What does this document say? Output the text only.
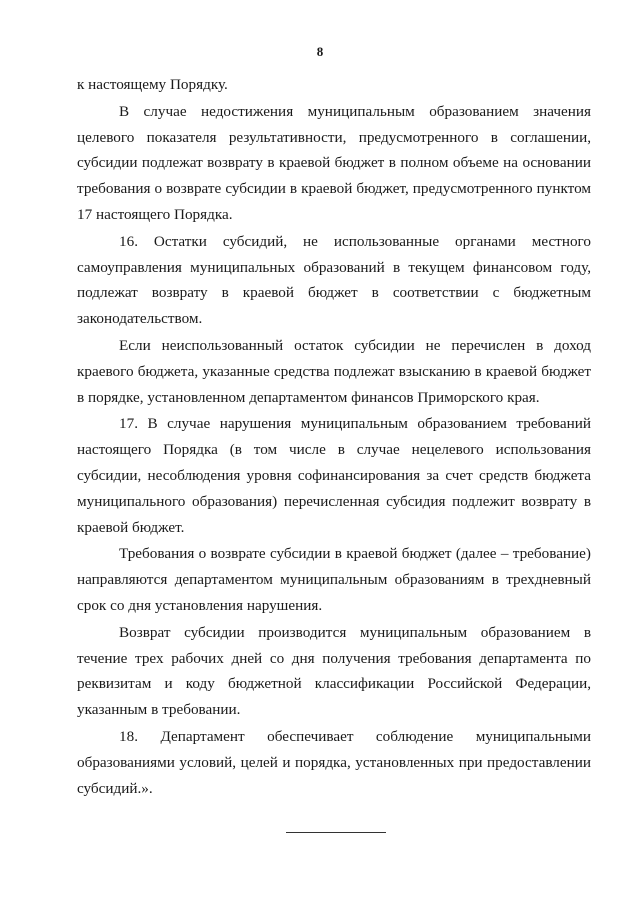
8

к настоящему Порядку.

В случае недостижения муниципальным образованием значения целевого показателя результативности, предусмотренного в соглашении, субсидии подлежат возврату в краевой бюджет в полном объеме на основании требования о возврате субсидии в краевой бюджет, предусмотренного пунктом 17 настоящего Порядка.

16. Остатки субсидий, не использованные органами местного самоуправления муниципальных образований в текущем финансовом году, подлежат возврату в краевой бюджет в соответствии с бюджетным законодательством.

Если неиспользованный остаток субсидии не перечислен в доход краевого бюджета, указанные средства подлежат взысканию в краевой бюджет в порядке, установленном департаментом финансов Приморского края.

17. В случае нарушения муниципальным образованием требований настоящего Порядка (в том числе в случае нецелевого использования субсидии, несоблюдения уровня софинансирования за счет средств бюджета муниципального образования) перечисленная субсидия подлежит возврату в краевой бюджет.

Требования о возврате субсидии в краевой бюджет (далее – требование) направляются департаментом муниципальным образованиям в трехдневный срок со дня установления нарушения.

Возврат субсидии производится муниципальным образованием в течение трех рабочих дней со дня получения требования департамента по реквизитам и коду бюджетной классификации Российской Федерации, указанным в требовании.

18. Департамент обеспечивает соблюдение муниципальными образованиями условий, целей и порядка, установленных при предоставлении субсидий.».
